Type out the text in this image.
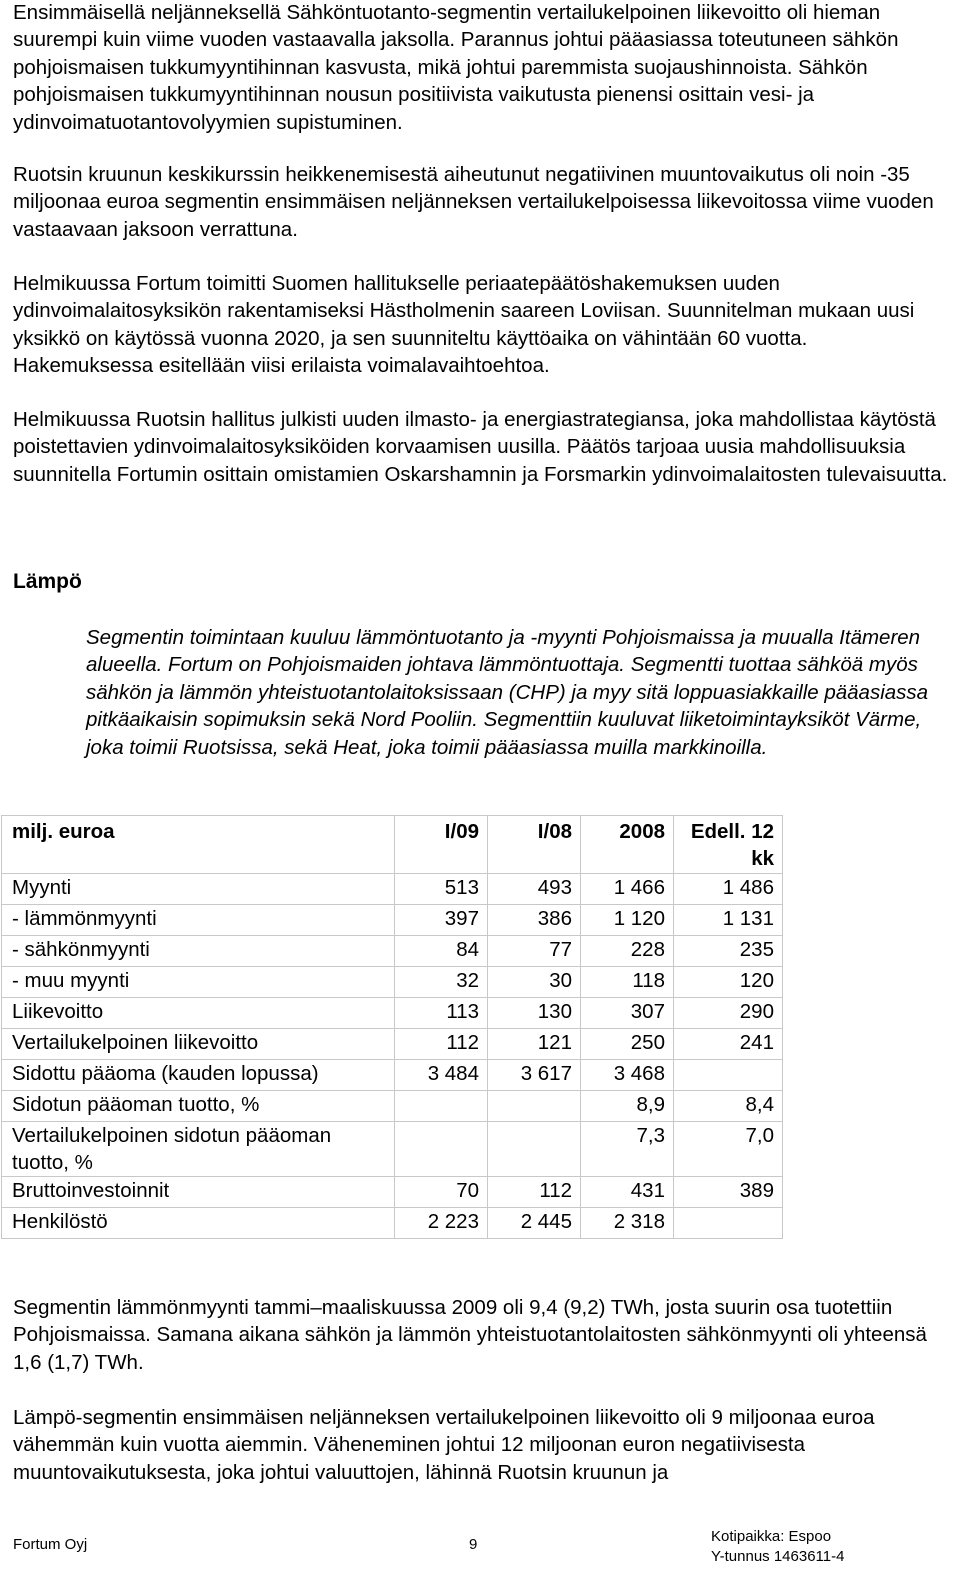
Ensimmäisellä neljänneksellä Sähköntuotanto-segmentin vertailukelpoinen liikevoitto oli hieman suurempi kuin viime vuoden vastaavalla jaksolla. Parannus johtui pääasiassa toteutuneen sähkön pohjoismaisen tukkumyyntihinnan kasvusta, mikä johtui paremmista suojaushinnoista. Sähkön pohjoismaisen tukkumyyntihinnan nousun positiivista vaikutusta pienensi osittain vesi- ja ydinvoimatuotantovolyymien supistuminen.

Ruotsin kruunun keskikurssin heikkenemisestä aiheutunut negatiivinen muuntovaikutus oli noin -35 miljoonaa euroa segmentin ensimmäisen neljänneksen vertailukelpoisessa liikevoitossa viime vuoden vastaavaan jaksoon verrattuna.

Helmikuussa Fortum toimitti Suomen hallitukselle periaatepäätöshakemuksen uuden ydinvoimalaitosyksikön rakentamiseksi Hästholmenin saareen Loviisan. Suunnitelman mukaan uusi yksikkö on käytössä vuonna 2020, ja sen suunniteltu käyttöaika on vähintään 60 vuotta. Hakemuksessa esitellään viisi erilaista voimalavaihtoehtoa.

Helmikuussa Ruotsin hallitus julkisti uuden ilmasto- ja energiastrategiansa, joka mahdollistaa käytöstä poistettavien ydinvoimalaitosyksiköiden korvaamisen uusilla. Päätös tarjoaa uusia mahdollisuuksia suunnitella Fortumin osittain omistamien Oskarshamnin ja Forsmarkin ydinvoimalaitosten tulevaisuutta.

Lämpö

Segmentin toimintaan kuuluu lämmöntuotanto ja -myynti Pohjoismaissa ja muualla Itämeren alueella. Fortum on Pohjoismaiden johtava lämmöntuottaja. Segmentti tuottaa sähköä myös sähkön ja lämmön yhteistuotantolaitoksissaan (CHP) ja myy sitä loppuasiakkaille pääasiassa pitkäaikaisin sopimuksin sekä Nord Pooliin. Segmenttiin kuuluvat liiketoimintayksiköt Värme, joka toimii Ruotsissa, sekä Heat, joka toimii pääasiassa muilla markkinoilla.

milj. euroa	I/09	I/08	2008	Edell. 12 kk
Myynti	513	493	1 466	1 486
- lämmönmyynti	397	386	1 120	1 131
- sähkönmyynti	84	77	228	235
- muu myynti	32	30	118	120
Liikevoitto	113	130	307	290
Vertailukelpoinen liikevoitto	112	121	250	241
Sidottu pääoma (kauden lopussa)	3 484	3 617	3 468	
Sidotun pääoman tuotto, %			8,9	8,4
Vertailukelpoinen sidotun pääoman tuotto, %			7,3	7,0
Bruttoinvestoinnit	70	112	431	389
Henkilöstö	2 223	2 445	2 318	

Segmentin lämmönmyynti tammi–maaliskuussa 2009 oli 9,4 (9,2) TWh, josta suurin osa tuotettiin Pohjoismaissa. Samana aikana sähkön ja lämmön yhteistuotantolaitosten sähkönmyynti oli yhteensä 1,6 (1,7) TWh.

Lämpö-segmentin ensimmäisen neljänneksen vertailukelpoinen liikevoitto oli 9 miljoonaa euroa vähemmän kuin vuotta aiemmin. Väheneminen johtui 12 miljoonan euron negatiivisesta muuntovaikutuksesta, joka johtui valuuttojen, lähinnä Ruotsin kruunun ja

Fortum Oyj	9	Kotipaikka: Espoo
Y-tunnus 1463611-4
